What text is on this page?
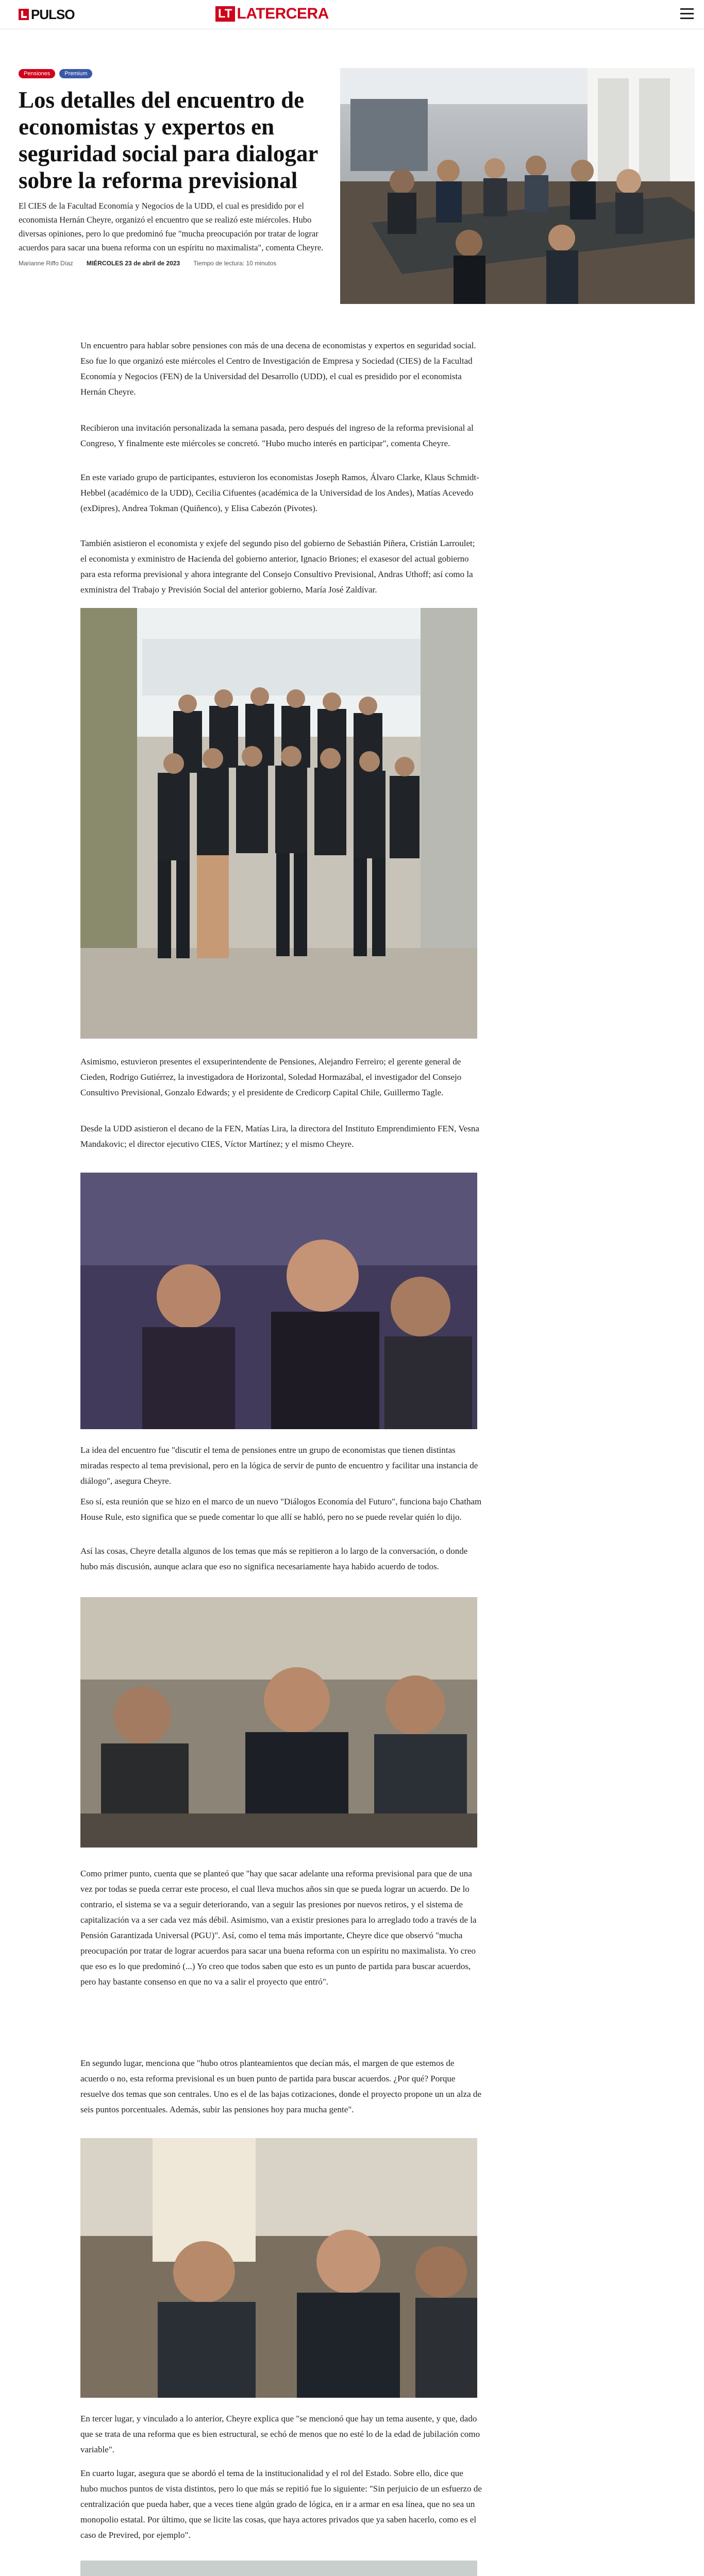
PULSO	LT LATERCERA
Pensiones	Premium
Los detalles del encuentro de economistas y expertos en seguridad social para dialogar sobre la reforma previsional

El CIES de la Facultad Economía y Negocios de la UDD, el cual es presidido por el economista Hernán Cheyre, organizó el encuentro que se realizó este miércoles. Hubo diversas opiniones, pero lo que predominó fue "mucha preocupación por tratar de lograr acuerdos para sacar una buena reforma con un espíritu no maximalista", comenta Cheyre.

Marianne Riffo Díaz MIÉRCOLES 23 de abril de 2023 Tiempo de lectura: 10 minutos

Un encuentro para hablar sobre pensiones con más de una decena de economistas y expertos en seguridad social. Eso fue lo que organizó este miércoles el Centro de Investigación de Empresa y Sociedad (CIES) de la Facultad Economía y Negocios (FEN) de la Universidad del Desarrollo (UDD), el cual es presidido por el economista Hernán Cheyre.

Recibieron una invitación personalizada la semana pasada, pero después del ingreso de la reforma previsional al Congreso, Y finalmente este miércoles se concretó. "Hubo mucho interés en participar", comenta Cheyre.

En este variado grupo de participantes, estuvieron los economistas Joseph Ramos, Álvaro Clarke, Klaus Schmidt-Hebbel (académico de la UDD), Cecilia Cifuentes (académica de la Universidad de los Andes), Matías Acevedo (exDipres), Andrea Tokman (Quiñenco), y Elisa Cabezón (Pivotes).

También asistieron el economista y exjefe del segundo piso del gobierno de Sebastián Piñera, Cristián Larroulet; el economista y exministro de Hacienda del gobierno anterior, Ignacio Briones; el exasesor del actual gobierno para esta reforma previsional y ahora integrante del Consejo Consultivo Previsional, Andras Uthoff; así como la exministra del Trabajo y Previsión Social del anterior gobierno, María José Zaldívar.

Asimismo, estuvieron presentes el exsuperintendente de Pensiones, Alejandro Ferreiro; el gerente general de Cieden, Rodrigo Gutiérrez, la investigadora de Horizontal, Soledad Hormazábal, el investigador del Consejo Consultivo Previsional, Gonzalo Edwards; y el presidente de Credicorp Capital Chile, Guillermo Tagle.

Desde la UDD asistieron el decano de la FEN, Matías Lira, la directora del Instituto Emprendimiento FEN, Vesna Mandakovic; el director ejecutivo CIES, Víctor Martínez; y el mismo Cheyre.

La idea del encuentro fue "discutir el tema de pensiones entre un grupo de economistas que tienen distintas miradas respecto al tema previsional, pero en la lógica de servir de punto de encuentro y facilitar una instancia de diálogo", asegura Cheyre.

Eso sí, esta reunión que se hizo en el marco de un nuevo "Diálogos Economía del Futuro", funciona bajo Chatham House Rule, esto significa que se puede comentar lo que allí se habló, pero no se puede revelar quién lo dijo.

Así las cosas, Cheyre detalla algunos de los temas que más se repitieron a lo largo de la conversación, o donde hubo más discusión, aunque aclara que eso no significa necesariamente haya habido acuerdo de todos.

Como primer punto, cuenta que se planteó que "hay que sacar adelante una reforma previsional para que de una vez por todas se pueda cerrar este proceso, el cual lleva muchos años sin que se pueda lograr un acuerdo. De lo contrario, el sistema se va a seguir deteriorando, van a seguir las presiones por nuevos retiros, y el sistema de capitalización va a ser cada vez más débil. Asimismo, van a existir presiones para lo arreglado todo a través de la Pensión Garantizada Universal (PGU)". Así, como el tema más importante, Cheyre dice que observó "mucha preocupación por tratar de lograr acuerdos para sacar una buena reforma con un espíritu no maximalista. Yo creo que eso es lo que predominó (...) Yo creo que todos saben que esto es un punto de partida para buscar acuerdos, pero hay bastante consenso en que no va a salir el proyecto que entró".

En segundo lugar, menciona que "hubo otros planteamientos que decían más, el margen de que estemos de acuerdo o no, esta reforma previsional es un buen punto de partida para buscar acuerdos. ¿Por qué? Porque resuelve dos temas que son centrales. Uno es el de las bajas cotizaciones, donde el proyecto propone un un alza de seis puntos porcentuales. Además, subir las pensiones hoy para mucha gente".

En tercer lugar, y vinculado a lo anterior, Cheyre explica que "se mencionó que hay un tema ausente, y que, dado que se trata de una reforma que es bien estructural, se echó de menos que no esté lo de la edad de jubilación como variable".

En cuarto lugar, asegura que se abordó el tema de la institucionalidad y el rol del Estado. Sobre ello, dice que hubo muchos puntos de vista distintos, pero lo que más se repitió fue lo siguiente: "Sin perjuicio de un esfuerzo de centralización que pueda haber, que a veces tiene algún grado de lógica, en ir a armar en esa línea, que no sea un monopolio estatal. Por último, que se licite las cosas, que haya actores privados que ya saben hacerlo, como es el caso de Previred, por ejemplo".
